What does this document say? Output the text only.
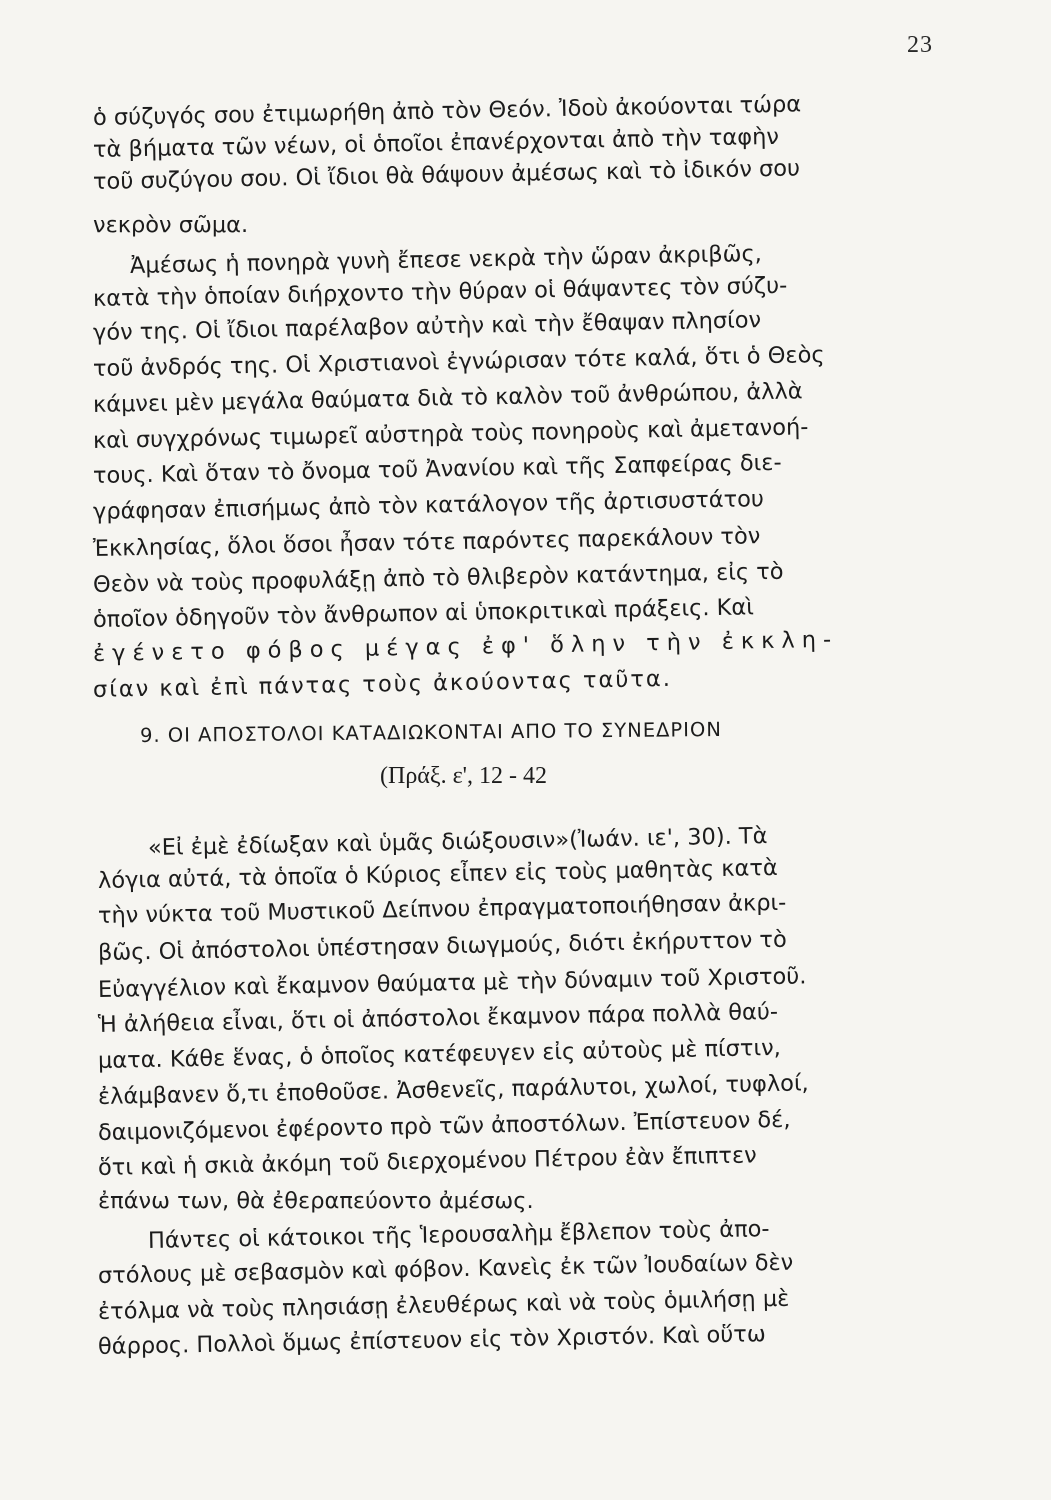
23
ὁ σύζυγός σου ἐτιμωρήθη ἀπὸ τὸν Θεόν. Ἰδοὺ ἀκούονται τώρα
τὰ βήματα τῶν νέων, οἱ ὁποῖοι ἐπανέρχονται ἀπὸ τὴν ταφὴν
τοῦ συζύγου σου. Οἱ ἴδιοι θὰ θάψουν ἀμέσως καὶ τὸ ἰδικόν σου
νεκρὸν σῶμα.
Ἀμέσως ἡ πονηρὰ γυνὴ ἔπεσε νεκρὰ τὴν ὥραν ἀκριβῶς,
κατὰ τὴν ὁποίαν διήρχοντο τὴν θύραν οἱ θάψαντες τὸν σύζυ-
γόν της. Οἱ ἴδιοι παρέλαβον αὐτὴν καὶ τὴν ἔθαψαν πλησίον
τοῦ ἀνδρός της. Οἱ Χριστιανοὶ ἐγνώρισαν τότε καλά, ὅτι ὁ Θεὸς
κάμνει μὲν μεγάλα θαύματα διὰ τὸ καλὸν τοῦ ἀνθρώπου, ἀλλὰ
καὶ συγχρόνως τιμωρεῖ αὐστηρὰ τοὺς πονηροὺς καὶ ἀμετανοή-
τους. Καὶ ὅταν τὸ ὄνομα τοῦ Ἀνανίου καὶ τῆς Σαπφείρας διε-
γράφησαν ἐπισήμως ἀπὸ τὸν κατάλογον τῆς ἀρτισυστάτου
Ἐκκλησίας, ὅλοι ὅσοι ἦσαν τότε παρόντες παρεκάλουν τὸν
Θεὸν νὰ τοὺς προφυλάξῃ ἀπὸ τὸ θλιβερὸν κατάντημα, εἰς τὸ
ὁποῖον ὁδηγοῦν τὸν ἄνθρωπον αἱ ὑποκριτικαὶ πράξεις. Καὶ
ἐγένετο φόβος μέγας ἐφ' ὅλην τὴν ἐκκλη-
σίαν καὶ ἐπὶ πάντας τοὺς ἀκούοντας ταῦτα.
9. ΟΙ ΑΠΟΣΤΟΛΟΙ ΚΑΤΑΔΙΩΚΟΝΤΑΙ ΑΠΟ ΤΟ ΣΥΝΕΔΡΙΟΝ
(Πράξ. ε', 12 - 42
«Εἰ ἐμὲ ἐδίωξαν καὶ ὑμᾶς διώξουσιν»(Ἰωάν. ιε', 30). Τὰ
λόγια αὐτά, τὰ ὁποῖα ὁ Κύριος εἶπεν εἰς τοὺς μαθητὰς κατὰ
τὴν νύκτα τοῦ Μυστικοῦ Δείπνου ἐπραγματοποιήθησαν ἀκρι-
βῶς. Οἱ ἀπόστολοι ὑπέστησαν διωγμούς, διότι ἐκήρυττον τὸ
Εὐαγγέλιον καὶ ἔκαμνον θαύματα μὲ τὴν δύναμιν τοῦ Χριστοῦ.
Ἡ ἀλήθεια εἶναι, ὅτι οἱ ἀπόστολοι ἔκαμνον πάρα πολλὰ θαύ-
ματα. Κάθε ἕνας, ὁ ὁποῖος κατέφευγεν εἰς αὐτοὺς μὲ πίστιν,
ἐλάμβανεν ὅ,τι ἐποθοῦσε. Ἀσθενεῖς, παράλυτοι, χωλοί, τυφλοί,
δαιμονιζόμενοι ἐφέροντο πρὸ τῶν ἀποστόλων. Ἐπίστευον δέ,
ὅτι καὶ ἡ σκιὰ ἀκόμη τοῦ διερχομένου Πέτρου ἐὰν ἔπιπτεν
ἐπάνω των, θὰ ἐθεραπεύοντο ἀμέσως.
Πάντες οἱ κάτοικοι τῆς Ἱερουσαλὴμ ἔβλεπον τοὺς ἀπο-
στόλους μὲ σεβασμὸν καὶ φόβον. Κανεὶς ἐκ τῶν Ἰουδαίων δὲν
ἐτόλμα νὰ τοὺς πλησιάσῃ ἐλευθέρως καὶ νὰ τοὺς ὁμιλήσῃ μὲ
θάρρος. Πολλοὶ ὅμως ἐπίστευον εἰς τὸν Χριστόν. Καὶ οὕτω
